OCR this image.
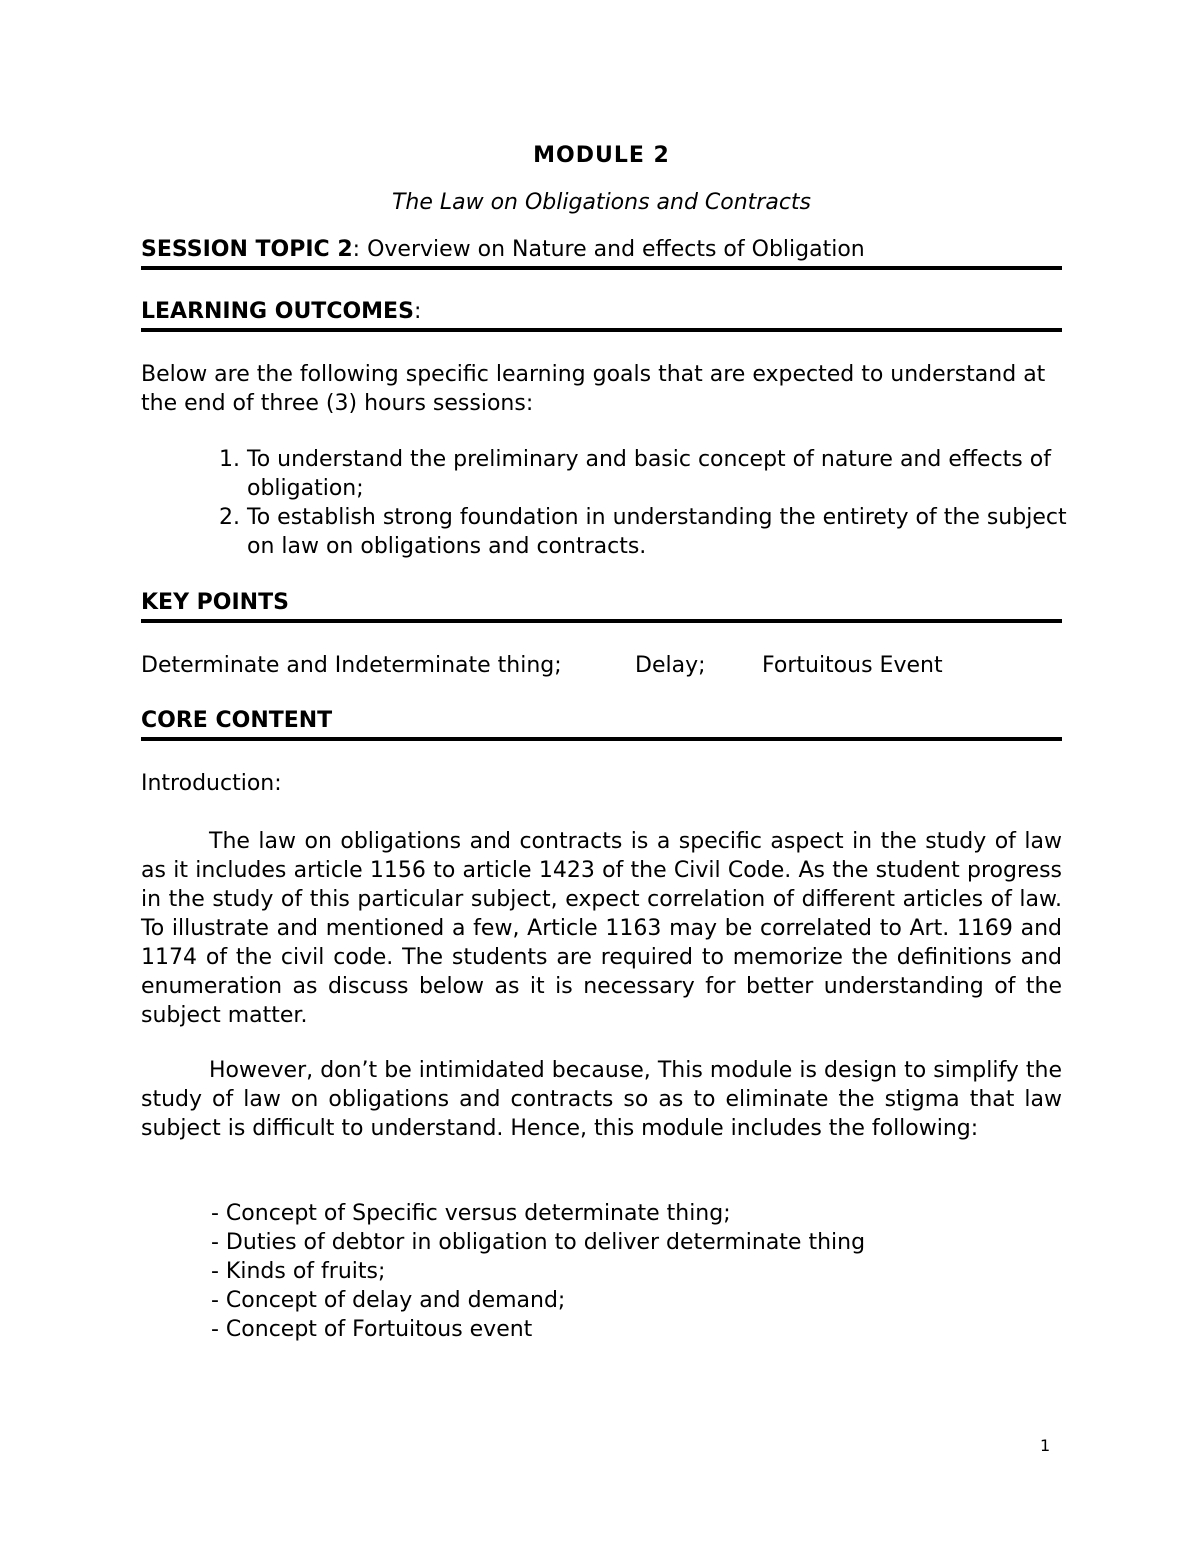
MODULE 2
The Law on Obligations and Contracts
SESSION TOPIC 2: Overview on Nature and effects of Obligation
LEARNING OUTCOMES:

Below are the following specific learning goals that are expected to understand at the end of three (3) hours sessions:

1. To understand the preliminary and basic concept of nature and effects of obligation;
2. To establish strong foundation in understanding the entirety of the subject on law on obligations and contracts.
KEY POINTS
Determinate and Indeterminate thing;	Delay;	Fortuitous Event
CORE CONTENT

Introduction:

The law on obligations and contracts is a specific aspect in the study of law as it includes article 1156 to article 1423 of the Civil Code. As the student progress in the study of this particular subject, expect correlation of different articles of law. To illustrate and mentioned a few, Article 1163 may be correlated to Art. 1169 and 1174 of the civil code. The students are required to memorize the definitions and enumeration as discuss below as it is necessary for better understanding of the subject matter.

However, don’t be intimidated because, This module is design to simplify the study of law on obligations and contracts so as to eliminate the stigma that law subject is difficult to understand. Hence, this module includes the following:

- Concept of Specific versus determinate thing;
- Duties of debtor in obligation to deliver determinate thing
- Kinds of fruits;
- Concept of delay and demand;
- Concept of Fortuitous event
1
